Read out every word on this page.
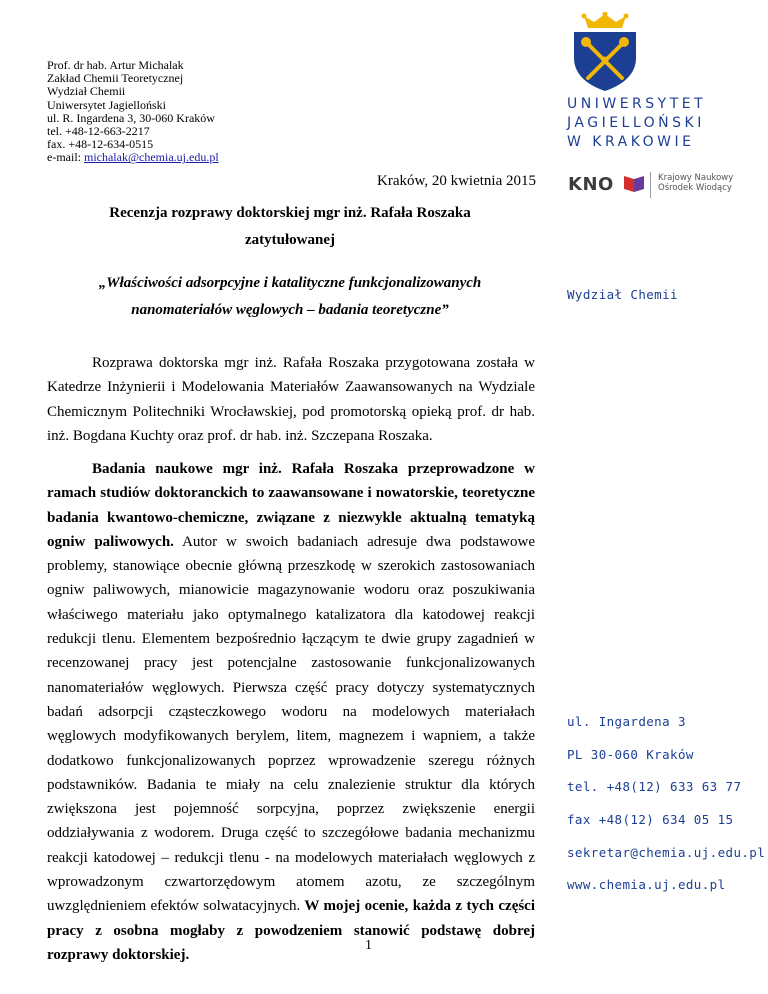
Prof. dr hab. Artur Michalak
Zakład Chemii Teoretycznej
Wydział Chemii
Uniwersytet Jagielloński
ul. R. Ingardena 3, 30-060 Kraków
tel. +48-12-663-2217
fax. +48-12-634-0515
e-mail: michalak@chemia.uj.edu.pl
Kraków, 20 kwietnia 2015
Recenzja rozprawy doktorskiej mgr inż. Rafała Roszaka
zatytułowanej
„Właściwości adsorpcyjne i katalityczne funkcjonalizowanych
nanomateriałów węglowych – badania teoretyczne”

Rozprawa doktorska mgr inż. Rafała Roszaka przygotowana została w Katedrze Inżynierii i Modelowania Materiałów Zaawansowanych na Wydziale Chemicznym Politechniki Wrocławskiej, pod promotorską opieką prof. dr hab. inż. Bogdana Kuchty oraz prof. dr hab. inż. Szczepana Roszaka.

Badania naukowe mgr inż. Rafała Roszaka przeprowadzone w ramach studiów doktoranckich to zaawansowane i nowatorskie, teoretyczne badania kwantowo-chemiczne, związane z niezwykle aktualną tematyką ogniw paliwowych. Autor w swoich badaniach adresuje dwa podstawowe problemy, stanowiące obecnie główną przeszkodę w szerokich zastosowaniach ogniw paliwowych, mianowicie magazynowanie wodoru oraz poszukiwania właściwego materiału jako optymalnego katalizatora dla katodowej reakcji redukcji tlenu. Elementem bezpośrednio łączącym te dwie grupy zagadnień w recenzowanej pracy jest potencjalne zastosowanie funkcjonalizowanych nanomateriałów węglowych. Pierwsza część pracy dotyczy systematycznych badań adsorpcji cząsteczkowego wodoru na modelowych materiałach węglowych modyfikowanych berylem, litem, magnezem i wapniem, a także dodatkowo funkcjonalizowanych poprzez wprowadzenie szeregu różnych podstawników. Badania te miały na celu znalezienie struktur dla których zwiększona jest pojemność sorpcyjna, poprzez zwiększenie energii oddziaływania z wodorem. Druga część to szczegółowe badania mechanizmu reakcji katodowej – redukcji tlenu - na modelowych materiałach węglowych z wprowadzonym czwartorzędowym atomem azotu, ze szczególnym uwzględnieniem efektów solwatacyjnych. W mojej ocenie, każda z tych części pracy z osobna mogłaby z powodzeniem stanowić podstawę dobrej rozprawy doktorskiej.

1
UNIWERSYTET
JAGIELLOŃSKI
W KRAKOWIE
KNO	Krajowy Naukowy
Ośrodek Wiodący
Wydział Chemii
ul. Ingardena 3
PL 30-060 Kraków
tel. +48(12) 633 63 77
fax +48(12) 634 05 15
sekretar@chemia.uj.edu.pl
www.chemia.uj.edu.pl
